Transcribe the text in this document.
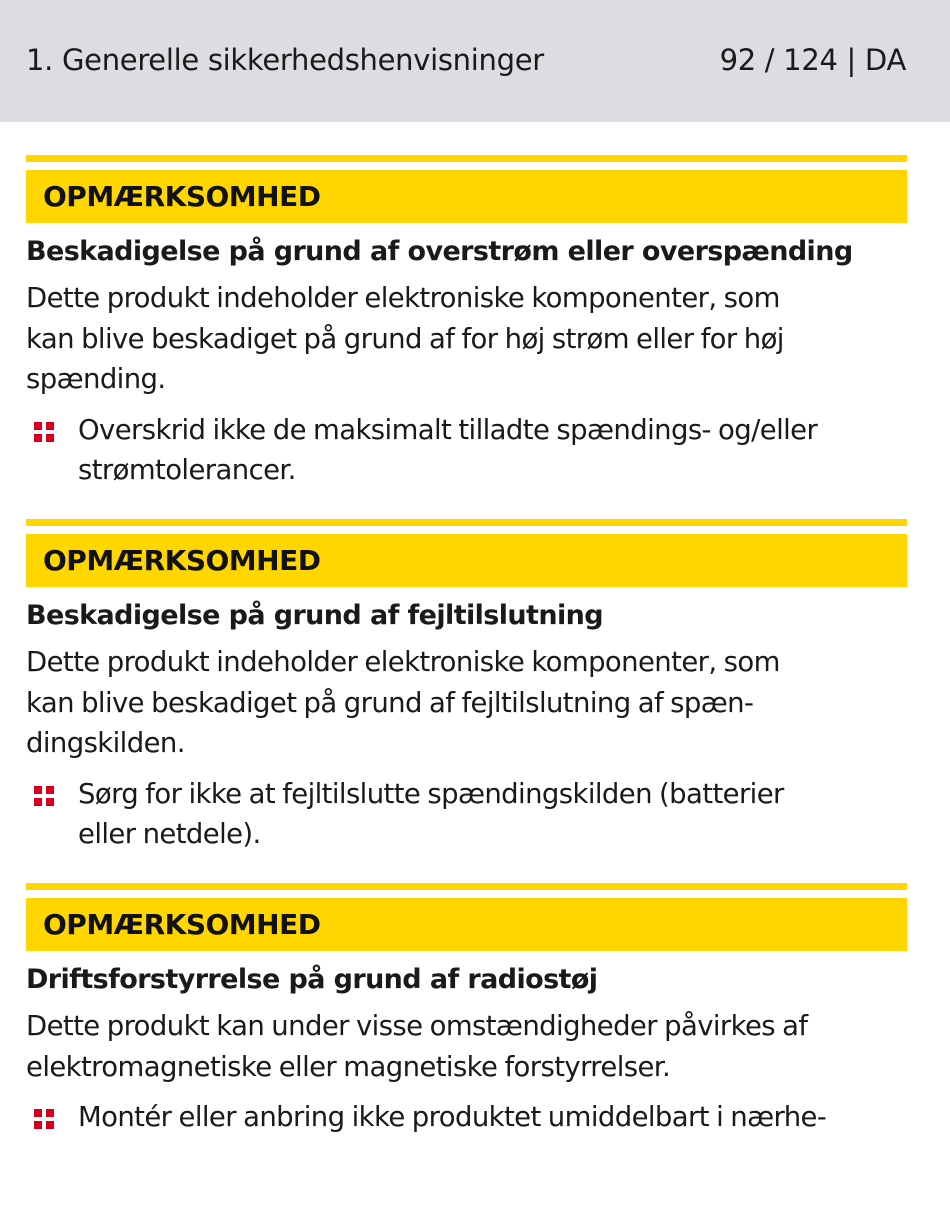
1. Generelle sikkerhedshenvisninger	92 / 124 | DA
OPMÆRKSOMHED
Beskadigelse på grund af overstrøm eller overspænding
Dette produkt indeholder elektroniske komponenter, som
kan blive beskadiget på grund af for høj strøm eller for høj
spænding.
Overskrid ikke de maksimalt tilladte spændings- og/eller
strømtolerancer.
OPMÆRKSOMHED
Beskadigelse på grund af fejltilslutning
Dette produkt indeholder elektroniske komponenter, som
kan blive beskadiget på grund af fejltilslutning af spæn-
dingskilden.
Sørg for ikke at fejltilslutte spændingskilden (batterier
eller netdele).
OPMÆRKSOMHED
Driftsforstyrrelse på grund af radiostøj
Dette produkt kan under visse omstændigheder påvirkes af
elektromagnetiske eller magnetiske forstyrrelser.
Montér eller anbring ikke produktet umiddelbart i nærhe-
